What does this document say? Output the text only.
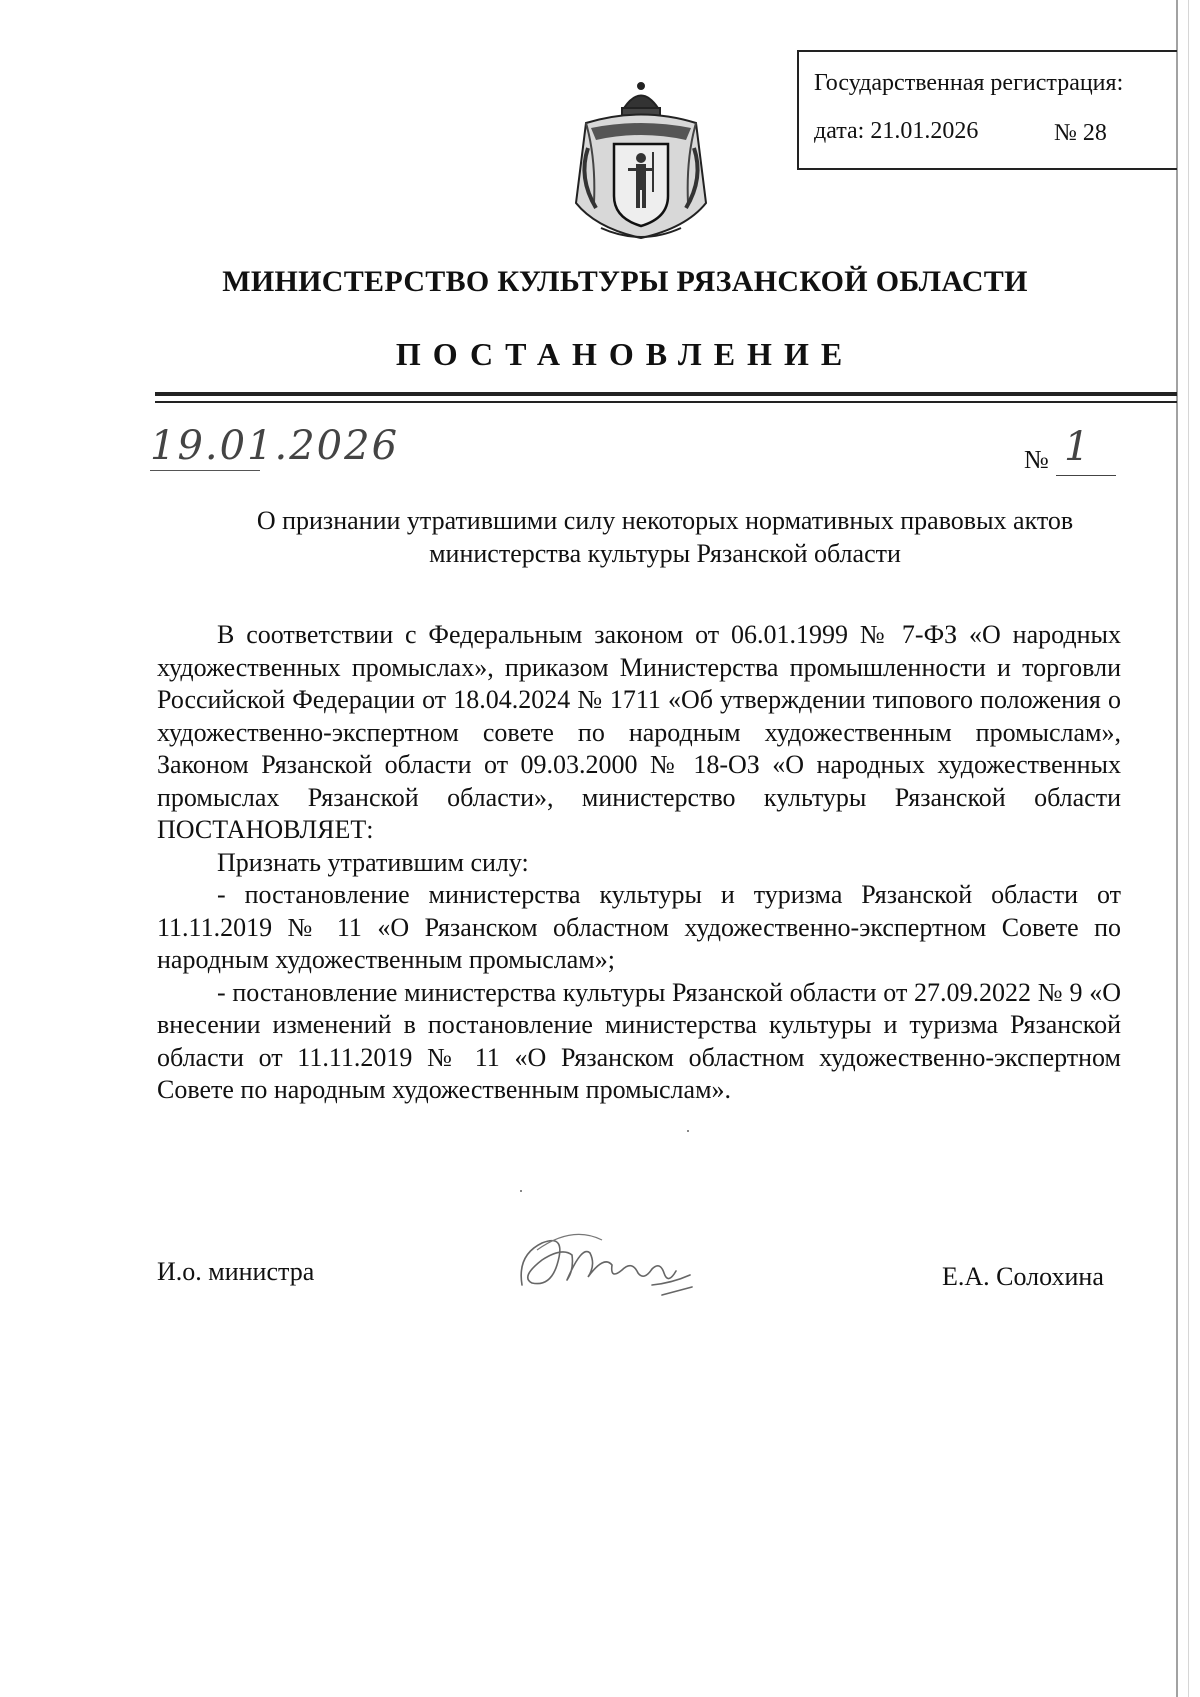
Государственная регистрация:
дата: 21.01.2026	№ 28
МИНИСТЕРСТВО КУЛЬТУРЫ РЯЗАНСКОЙ ОБЛАСТИ
ПОСТАНОВЛЕНИЕ
19.01.2026	№ 1
О признании утратившими силу некоторых нормативных правовых актов
министерства культуры Рязанской области

В соответствии с Федеральным законом от 06.01.1999 № 7-ФЗ «О народных художественных промыслах», приказом Министерства промышленности и торговли Российской Федерации от 18.04.2024 № 1711 «Об утверждении типового положения о художественно-экспертном совете по народным художественным промыслам», Законом Рязанской области от 09.03.2000 № 18-ОЗ «О народных художественных промыслах Рязанской области», министерство культуры Рязанской области ПОСТАНОВЛЯЕТ:

Признать утратившим силу:

- постановление министерства культуры и туризма Рязанской области от 11.11.2019 № 11 «О Рязанском областном художественно-экспертном Совете по народным художественным промыслам»;

- постановление министерства культуры Рязанской области от 27.09.2022 № 9 «О внесении изменений в постановление министерства культуры и туризма Рязанской области от 11.11.2019 № 11 «О Рязанском областном художественно-экспертном Совете по народным художественным промыслам».

И.о. министра	Е.А. Солохина
